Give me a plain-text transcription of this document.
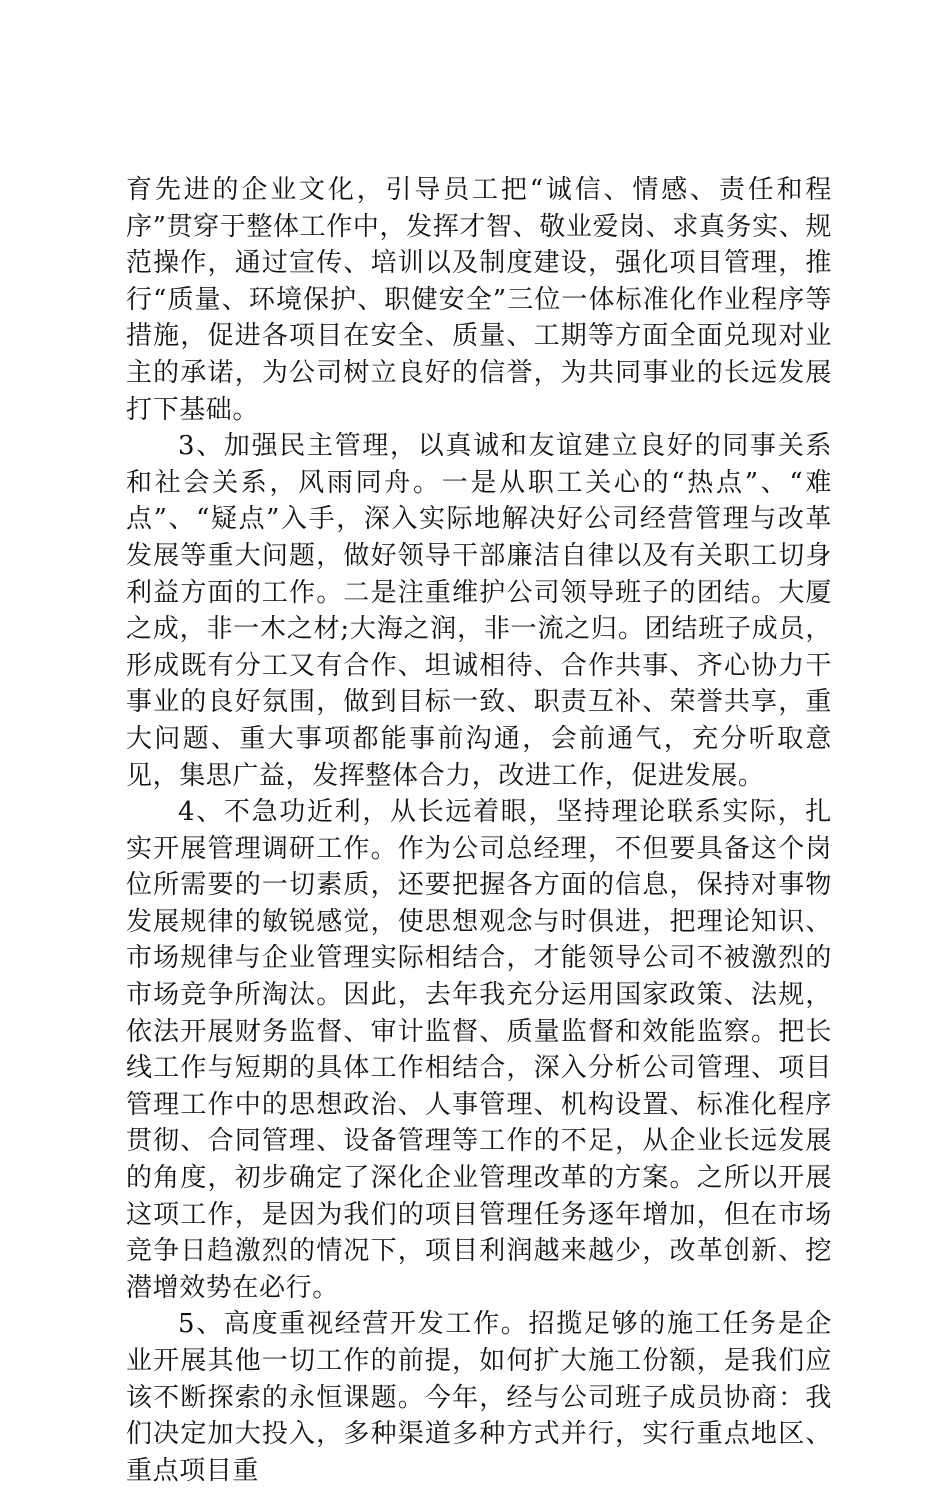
育先进的企业文化，引导员工把“诚信、情感、责任和程序”贯穿于整体工作中，发挥才智、敬业爱岗、求真务实、规范操作，通过宣传、培训以及制度建设，强化项目管理，推行“质量、环境保护、职健安全”三位一体标准化作业程序等措施，促进各项目在安全、质量、工期等方面全面兑现对业主的承诺，为公司树立良好的信誉，为共同事业的长远发展打下基础。

3、加强民主管理，以真诚和友谊建立良好的同事关系和社会关系，风雨同舟。一是从职工关心的“热点”、“难点”、“疑点”入手，深入实际地解决好公司经营管理与改革发展等重大问题，做好领导干部廉洁自律以及有关职工切身利益方面的工作。二是注重维护公司领导班子的团结。大厦之成，非一木之材;大海之润，非一流之归。团结班子成员，形成既有分工又有合作、坦诚相待、合作共事、齐心协力干事业的良好氛围，做到目标一致、职责互补、荣誉共享，重大问题、重大事项都能事前沟通，会前通气，充分听取意见，集思广益，发挥整体合力，改进工作，促进发展。

4、不急功近利，从长远着眼，坚持理论联系实际，扎实开展管理调研工作。作为公司总经理，不但要具备这个岗位所需要的一切素质，还要把握各方面的信息，保持对事物发展规律的敏锐感觉，使思想观念与时俱进，把理论知识、市场规律与企业管理实际相结合，才能领导公司不被激烈的市场竞争所淘汰。因此，去年我充分运用国家政策、法规，依法开展财务监督、审计监督、质量监督和效能监察。把长线工作与短期的具体工作相结合，深入分析公司管理、项目管理工作中的思想政治、人事管理、机构设置、标准化程序贯彻、合同管理、设备管理等工作的不足，从企业长远发展的角度，初步确定了深化企业管理改革的方案。之所以开展这项工作，是因为我们的项目管理任务逐年增加，但在市场竞争日趋激烈的情况下，项目利润越来越少，改革创新、挖潜增效势在必行。

5、高度重视经营开发工作。招揽足够的施工任务是企业开展其他一切工作的前提，如何扩大施工份额，是我们应该不断探索的永恒课题。今年，经与公司班子成员协商：我们决定加大投入，多种渠道多种方式并行，实行重点地区、重点项目重
